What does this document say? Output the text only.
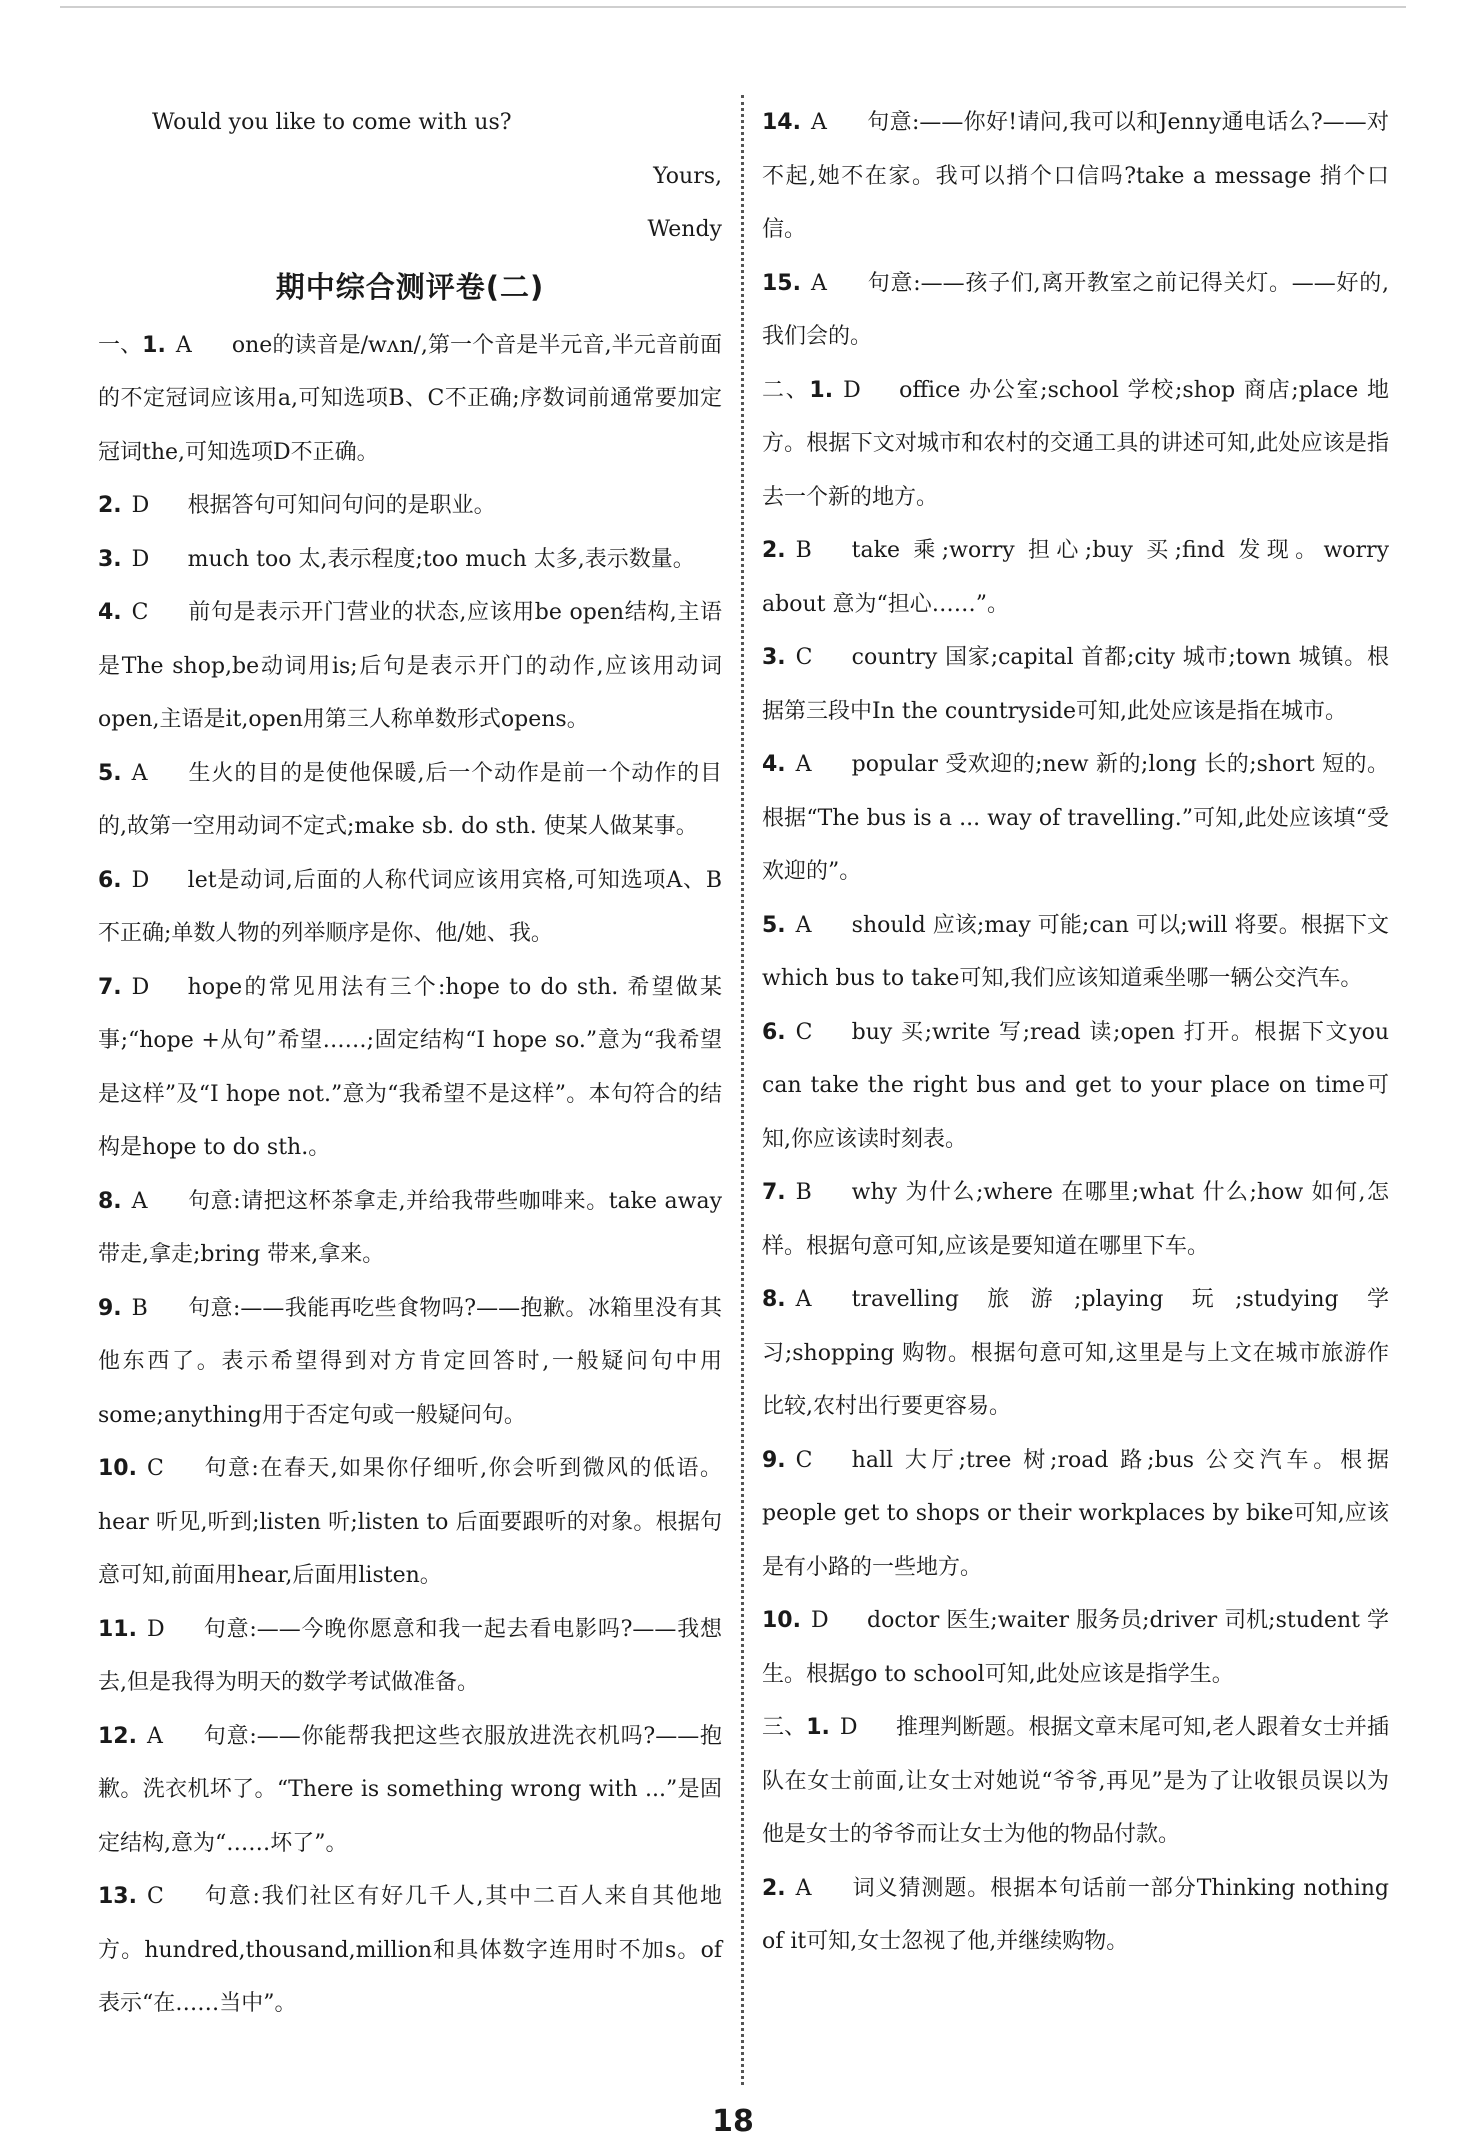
Would you like to come with us?

Yours,

Wendy

期中综合测评卷(二)

一、1. A  one的读音是/wʌn/,第一个音是半元音,半元音前面的不定冠词应该用a,可知选项B、C不正确;序数词前通常要加定冠词the,可知选项D不正确。

2. D  根据答句可知问句问的是职业。

3. D  much too 太,表示程度;too much 太多,表示数量。

4. C  前句是表示开门营业的状态,应该用be open结构,主语是The shop,be动词用is;后句是表示开门的动作,应该用动词open,主语是it,open用第三人称单数形式opens。

5. A  生火的目的是使他保暖,后一个动作是前一个动作的目的,故第一空用动词不定式;make sb. do sth. 使某人做某事。

6. D  let是动词,后面的人称代词应该用宾格,可知选项A、B不正确;单数人物的列举顺序是你、他/她、我。

7. D  hope的常见用法有三个:hope to do sth. 希望做某事;“hope +从句”希望……;固定结构“I hope so.”意为“我希望是这样”及“I hope not.”意为“我希望不是这样”。本句符合的结构是hope to do sth.。

8. A  句意:请把这杯茶拿走,并给我带些咖啡来。take away 带走,拿走;bring 带来,拿来。

9. B  句意:——我能再吃些食物吗?——抱歉。冰箱里没有其他东西了。表示希望得到对方肯定回答时,一般疑问句中用some;anything用于否定句或一般疑问句。

10. C  句意:在春天,如果你仔细听,你会听到微风的低语。hear 听见,听到;listen 听;listen to 后面要跟听的对象。根据句意可知,前面用hear,后面用listen。

11. D  句意:——今晚你愿意和我一起去看电影吗?——我想去,但是我得为明天的数学考试做准备。

12. A  句意:——你能帮我把这些衣服放进洗衣机吗?——抱歉。洗衣机坏了。“There is something wrong with ...”是固定结构,意为“……坏了”。

13. C  句意:我们社区有好几千人,其中二百人来自其他地方。hundred,thousand,million和具体数字连用时不加s。of 表示“在……当中”。

14. A  句意:——你好!请问,我可以和Jenny通电话么?——对不起,她不在家。我可以捎个口信吗?take a message 捎个口信。

15. A  句意:——孩子们,离开教室之前记得关灯。——好的,我们会的。

二、1. D  office 办公室;school 学校;shop 商店;place 地方。根据下文对城市和农村的交通工具的讲述可知,此处应该是指去一个新的地方。

2. B  take 乘;worry 担心;buy 买;find 发现。worry about 意为“担心……”。

3. C  country 国家;capital 首都;city 城市;town 城镇。根据第三段中In the countryside可知,此处应该是指在城市。

4. A  popular 受欢迎的;new 新的;long 长的;short 短的。根据“The bus is a ... way of travelling.”可知,此处应该填“受欢迎的”。

5. A  should 应该;may 可能;can 可以;will 将要。根据下文which bus to take可知,我们应该知道乘坐哪一辆公交汽车。

6. C  buy 买;write 写;read 读;open 打开。根据下文you can take the right bus and get to your place on time可知,你应该读时刻表。

7. B  why 为什么;where 在哪里;what 什么;how 如何,怎样。根据句意可知,应该是要知道在哪里下车。

8. A  travelling 旅游;playing 玩;studying 学习;shopping 购物。根据句意可知,这里是与上文在城市旅游作比较,农村出行要更容易。

9. C  hall 大厅;tree 树;road 路;bus 公交汽车。根据people get to shops or their workplaces by bike可知,应该是有小路的一些地方。

10. D  doctor 医生;waiter 服务员;driver 司机;student 学生。根据go to school可知,此处应该是指学生。

三、1. D  推理判断题。根据文章末尾可知,老人跟着女士并插队在女士前面,让女士对她说“爷爷,再见”是为了让收银员误以为他是女士的爷爷而让女士为他的物品付款。

2. A  词义猜测题。根据本句话前一部分Thinking nothing of it可知,女士忽视了他,并继续购物。

18
